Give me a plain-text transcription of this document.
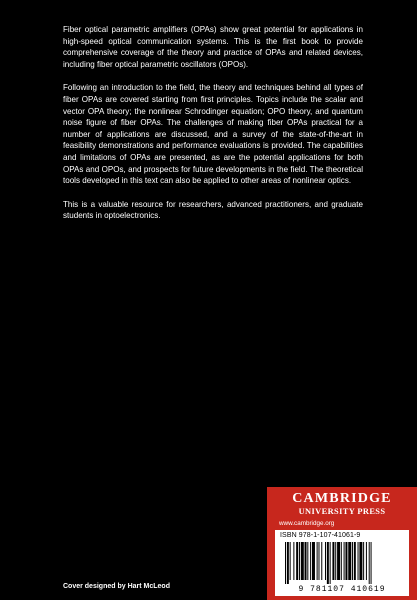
Fiber optical parametric amplifiers (OPAs) show great potential for applications in high-speed optical communication systems. This is the first book to provide comprehensive coverage of the theory and practice of OPAs and related devices, including fiber optical parametric oscillators (OPOs).

Following an introduction to the field, the theory and techniques behind all types of fiber OPAs are covered starting from first principles. Topics include the scalar and vector OPA theory; the nonlinear Schrodinger equation; OPO theory, and quantum noise figure of fiber OPAs. The challenges of making fiber OPAs practical for a number of applications are discussed, and a survey of the state-of-the-art in feasibility demonstrations and performance evaluations is provided. The capabilities and limitations of OPAs are presented, as are the potential applications for both OPAs and OPOs, and prospects for future developments in the field. The theoretical tools developed in this text can also be applied to other areas of nonlinear optics.

This is a valuable resource for researchers, advanced practitioners, and graduate students in optoelectronics.

CAMBRIDGE
UNIVERSITY PRESS
www.cambridge.org
ISBN 978-1-107-41061-9
9 781107 410619
Cover designed by Hart McLeod
